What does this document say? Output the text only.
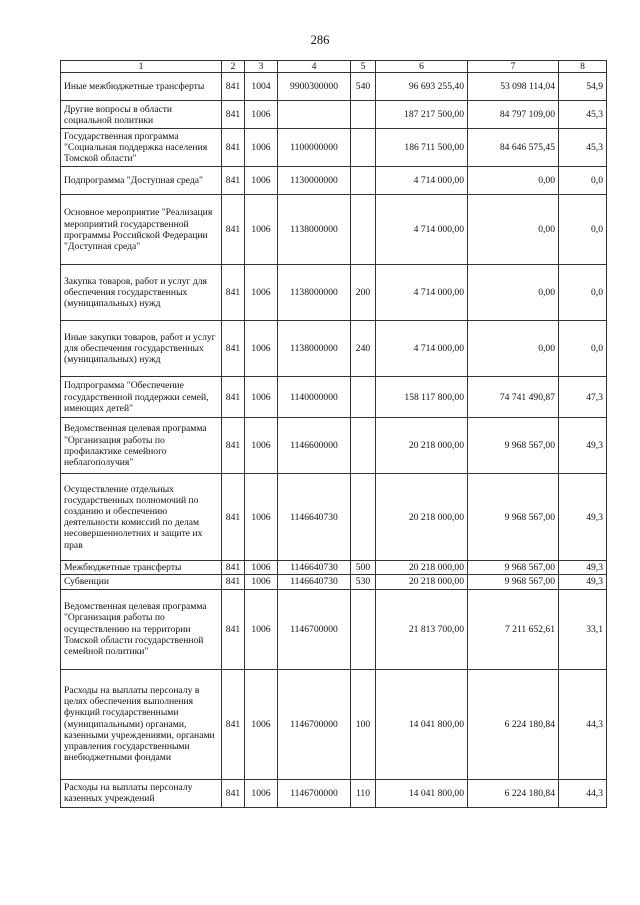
286
1	2	3	4	5	6	7	8
Иные межбюджетные трансферты	841	1004	9900300000	540	96 693 255,40	53 098 114,04	54,9
Другие вопросы в области социальной политики	841	1006			187 217 500,00	84 797 109,00	45,3
Государственная программа "Социальная поддержка населения Томской области"	841	1006	1100000000		186 711 500,00	84 646 575,45	45,3
Подпрограмма "Доступная среда"	841	1006	1130000000		4 714 000,00	0,00	0,0
Основное мероприятие "Реализация мероприятий государственной программы Российской Федерации "Доступная среда"	841	1006	1138000000		4 714 000,00	0,00	0,0
Закупка товаров, работ и услуг для обеспечения государственных (муниципальных) нужд	841	1006	1138000000	200	4 714 000,00	0,00	0,0
Иные закупки товаров, работ и услуг для обеспечения государственных (муниципальных) нужд	841	1006	1138000000	240	4 714 000,00	0,00	0,0
Подпрограмма "Обеспечение государственной поддержки семей, имеющих детей"	841	1006	1140000000		158 117 800,00	74 741 490,87	47,3
Ведомственная целевая программа "Организация работы по профилактике семейного неблагополучия"	841	1006	1146600000		20 218 000,00	9 968 567,00	49,3
Осуществление отдельных государственных полномочий по созданию и обеспечению деятельности комиссий по делам несовершеннолетних и защите их прав	841	1006	1146640730		20 218 000,00	9 968 567,00	49,3
Межбюджетные трансферты	841	1006	1146640730	500	20 218 000,00	9 968 567,00	49,3
Субвенции	841	1006	1146640730	530	20 218 000,00	9 968 567,00	49,3
Ведомственная целевая программа "Организация работы по осуществлению на территории Томской области государственной семейной политики"	841	1006	1146700000		21 813 700,00	7 211 652,61	33,1
Расходы на выплаты персоналу в целях обеспечения выполнения функций государственными (муниципальными) органами, казенными учреждениями, органами управления государственными внебюджетными фондами	841	1006	1146700000	100	14 041 800,00	6 224 180,84	44,3
Расходы на выплаты персоналу казенных учреждений	841	1006	1146700000	110	14 041 800,00	6 224 180,84	44,3
